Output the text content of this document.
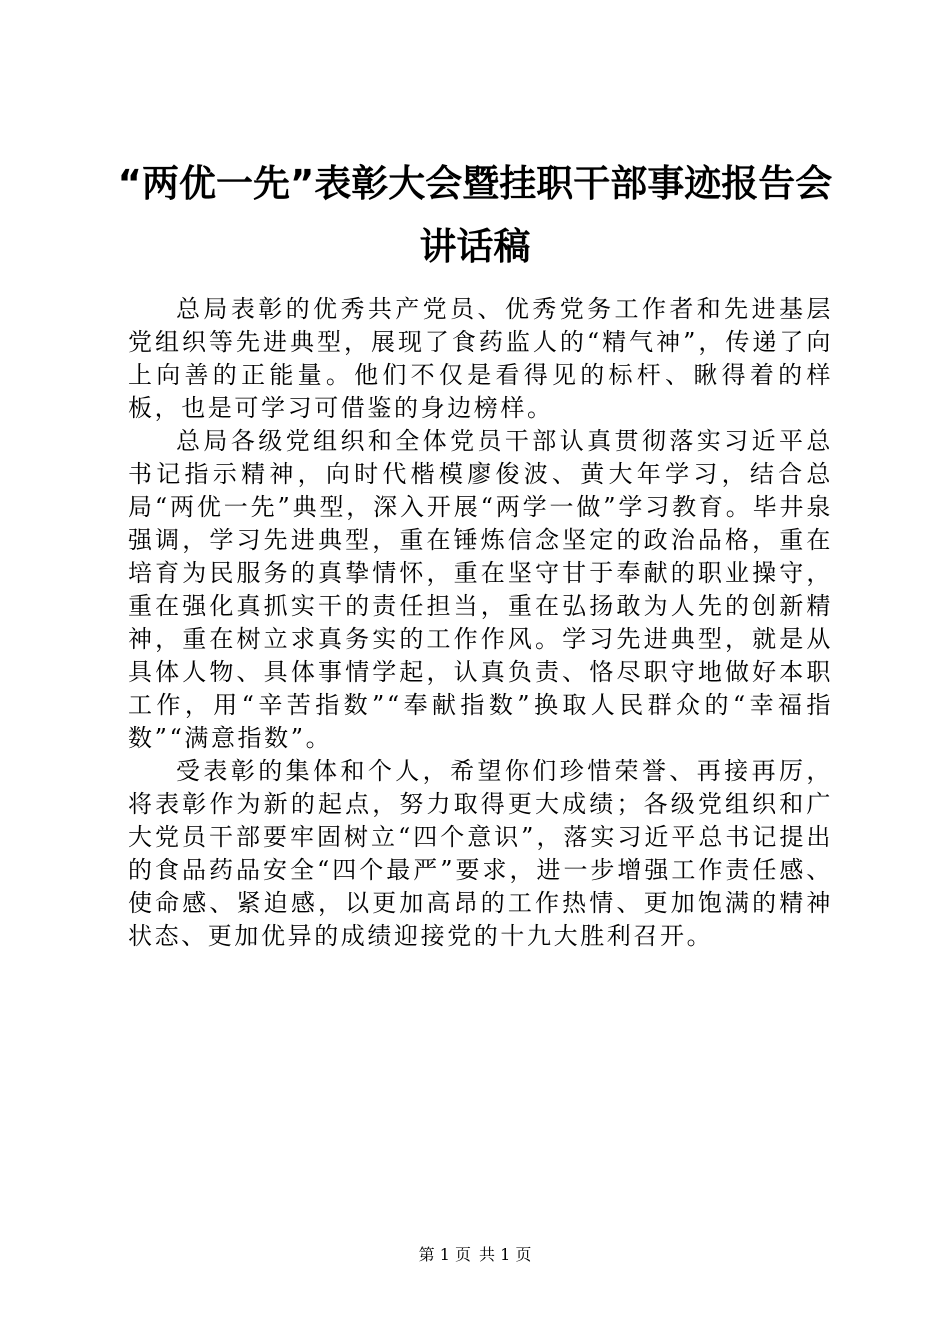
“两优一先”表彰大会暨挂职干部事迹报告会
讲话稿

总局表彰的优秀共产党员、优秀党务工作者和先进基层党组织等先进典型，展现了食药监人的“精气神”，传递了向上向善的正能量。他们不仅是看得见的标杆、瞅得着的样板，也是可学习可借鉴的身边榜样。

总局各级党组织和全体党员干部认真贯彻落实习近平总书记指示精神，向时代楷模廖俊波、黄大年学习，结合总局“两优一先”典型，深入开展“两学一做”学习教育。毕井泉强调，学习先进典型，重在锤炼信念坚定的政治品格，重在培育为民服务的真挚情怀，重在坚守甘于奉献的职业操守，重在强化真抓实干的责任担当，重在弘扬敢为人先的创新精神，重在树立求真务实的工作作风。学习先进典型，就是从具体人物、具体事情学起，认真负责、恪尽职守地做好本职工作，用“辛苦指数”“奉献指数”换取人民群众的“幸福指数”“满意指数”。

受表彰的集体和个人，希望你们珍惜荣誉、再接再厉，将表彰作为新的起点，努力取得更大成绩；各级党组织和广大党员干部要牢固树立“四个意识”，落实习近平总书记提出的食品药品安全“四个最严”要求，进一步增强工作责任感、使命感、紧迫感，以更加高昂的工作热情、更加饱满的精神状态、更加优异的成绩迎接党的十九大胜利召开。

第 1 页 共 1 页
